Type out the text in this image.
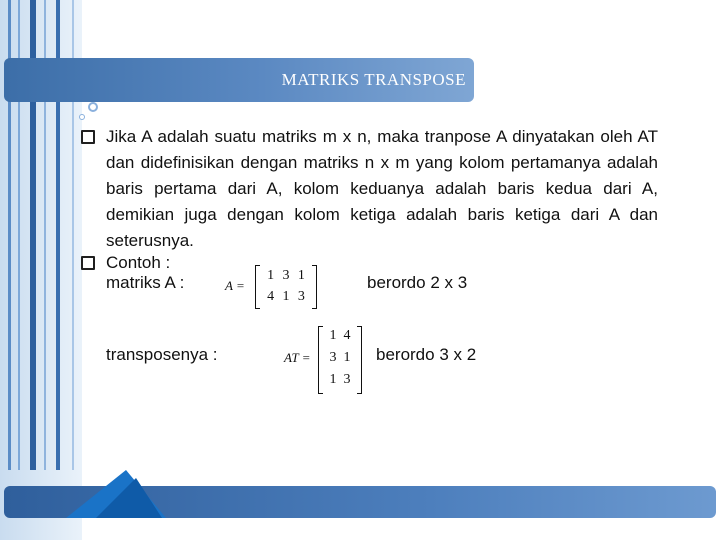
MATRIKS TRANSPOSE
Jika A adalah suatu matriks m x n, maka tranpose A dinyatakan oleh AT dan didefinisikan dengan matriks n x m yang kolom pertamanya adalah baris pertama dari A, kolom keduanya adalah baris kedua dari A, demikian juga dengan kolom ketiga adalah baris ketiga dari A dan seterusnya.
Contoh :
matriks A :	A =
1 3 1
4 1 3
berordo 2 x 3
transposenya :	AT =
1 4
3 1
1 3
berordo 3 x 2
